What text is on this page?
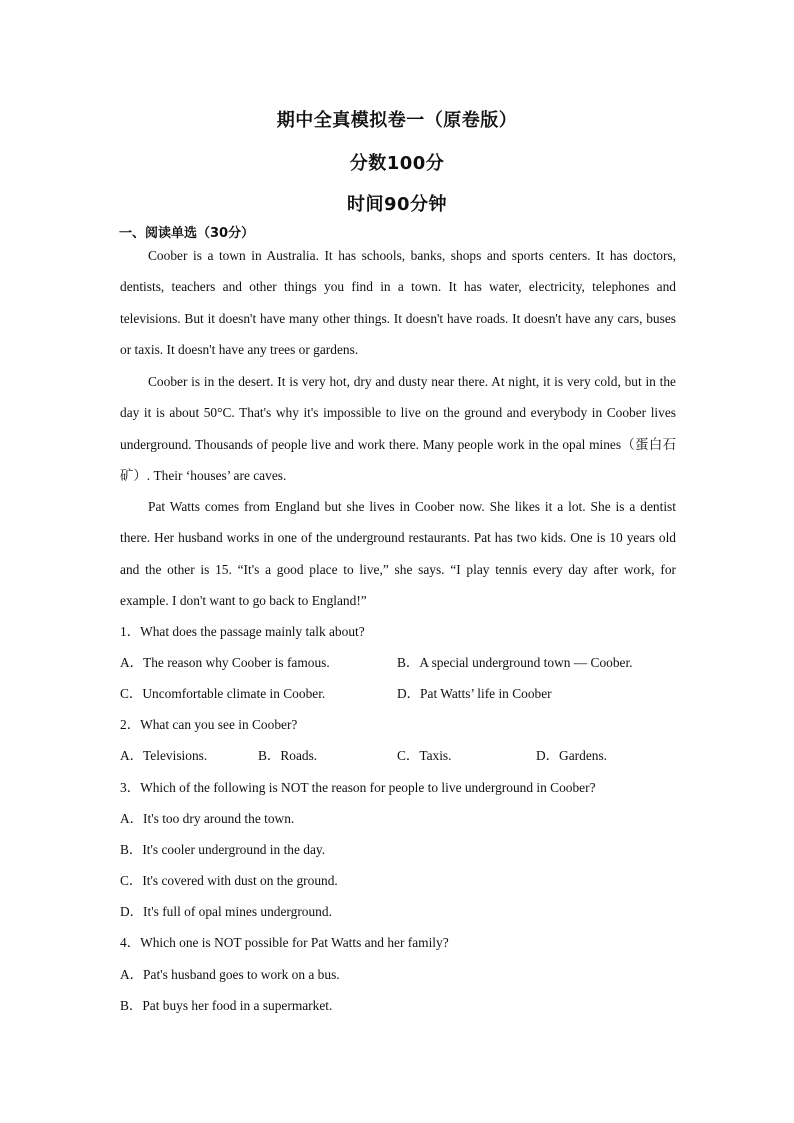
期中全真模拟卷一（原卷版）
分数100分
时间90分钟
一、阅读单选（30分）

Coober is a town in Australia. It has schools, banks, shops and sports centers. It has doctors, dentists, teachers and other things you find in a town. It has water, electricity, telephones and televisions. But it doesn't have many other things. It doesn't have roads. It doesn't have any cars, buses or taxis. It doesn't have any trees or gardens.

Coober is in the desert. It is very hot, dry and dusty near there. At night, it is very cold, but in the day it is about 50°C. That's why it's impossible to live on the ground and everybody in Coober lives underground. Thousands of people live and work there. Many people work in the opal mines（蛋白石矿）. Their ‘houses’ are caves.

Pat Watts comes from England but she lives in Coober now. She likes it a lot. She is a dentist there. Her husband works in one of the underground restaurants. Pat has two kids. One is 10 years old and the other is 15. “It's a good place to live,” she says. “I play tennis every day after work, for example. I don't want to go back to England!”

1．What does the passage mainly talk about?
A．The reason why Coober is famous.	B．A special underground town — Coober.
C．Uncomfortable climate in Coober.	D．Pat Watts’ life in Coober
2．What can you see in Coober?
A．Televisions.	B．Roads.	C．Taxis.	D．Gardens.
3．Which of the following is NOT the reason for people to live underground in Coober?
A．It's too dry around the town.
B．It's cooler underground in the day.
C．It's covered with dust on the ground.
D．It's full of opal mines underground.
4．Which one is NOT possible for Pat Watts and her family?
A．Pat's husband goes to work on a bus.
B．Pat buys her food in a supermarket.
